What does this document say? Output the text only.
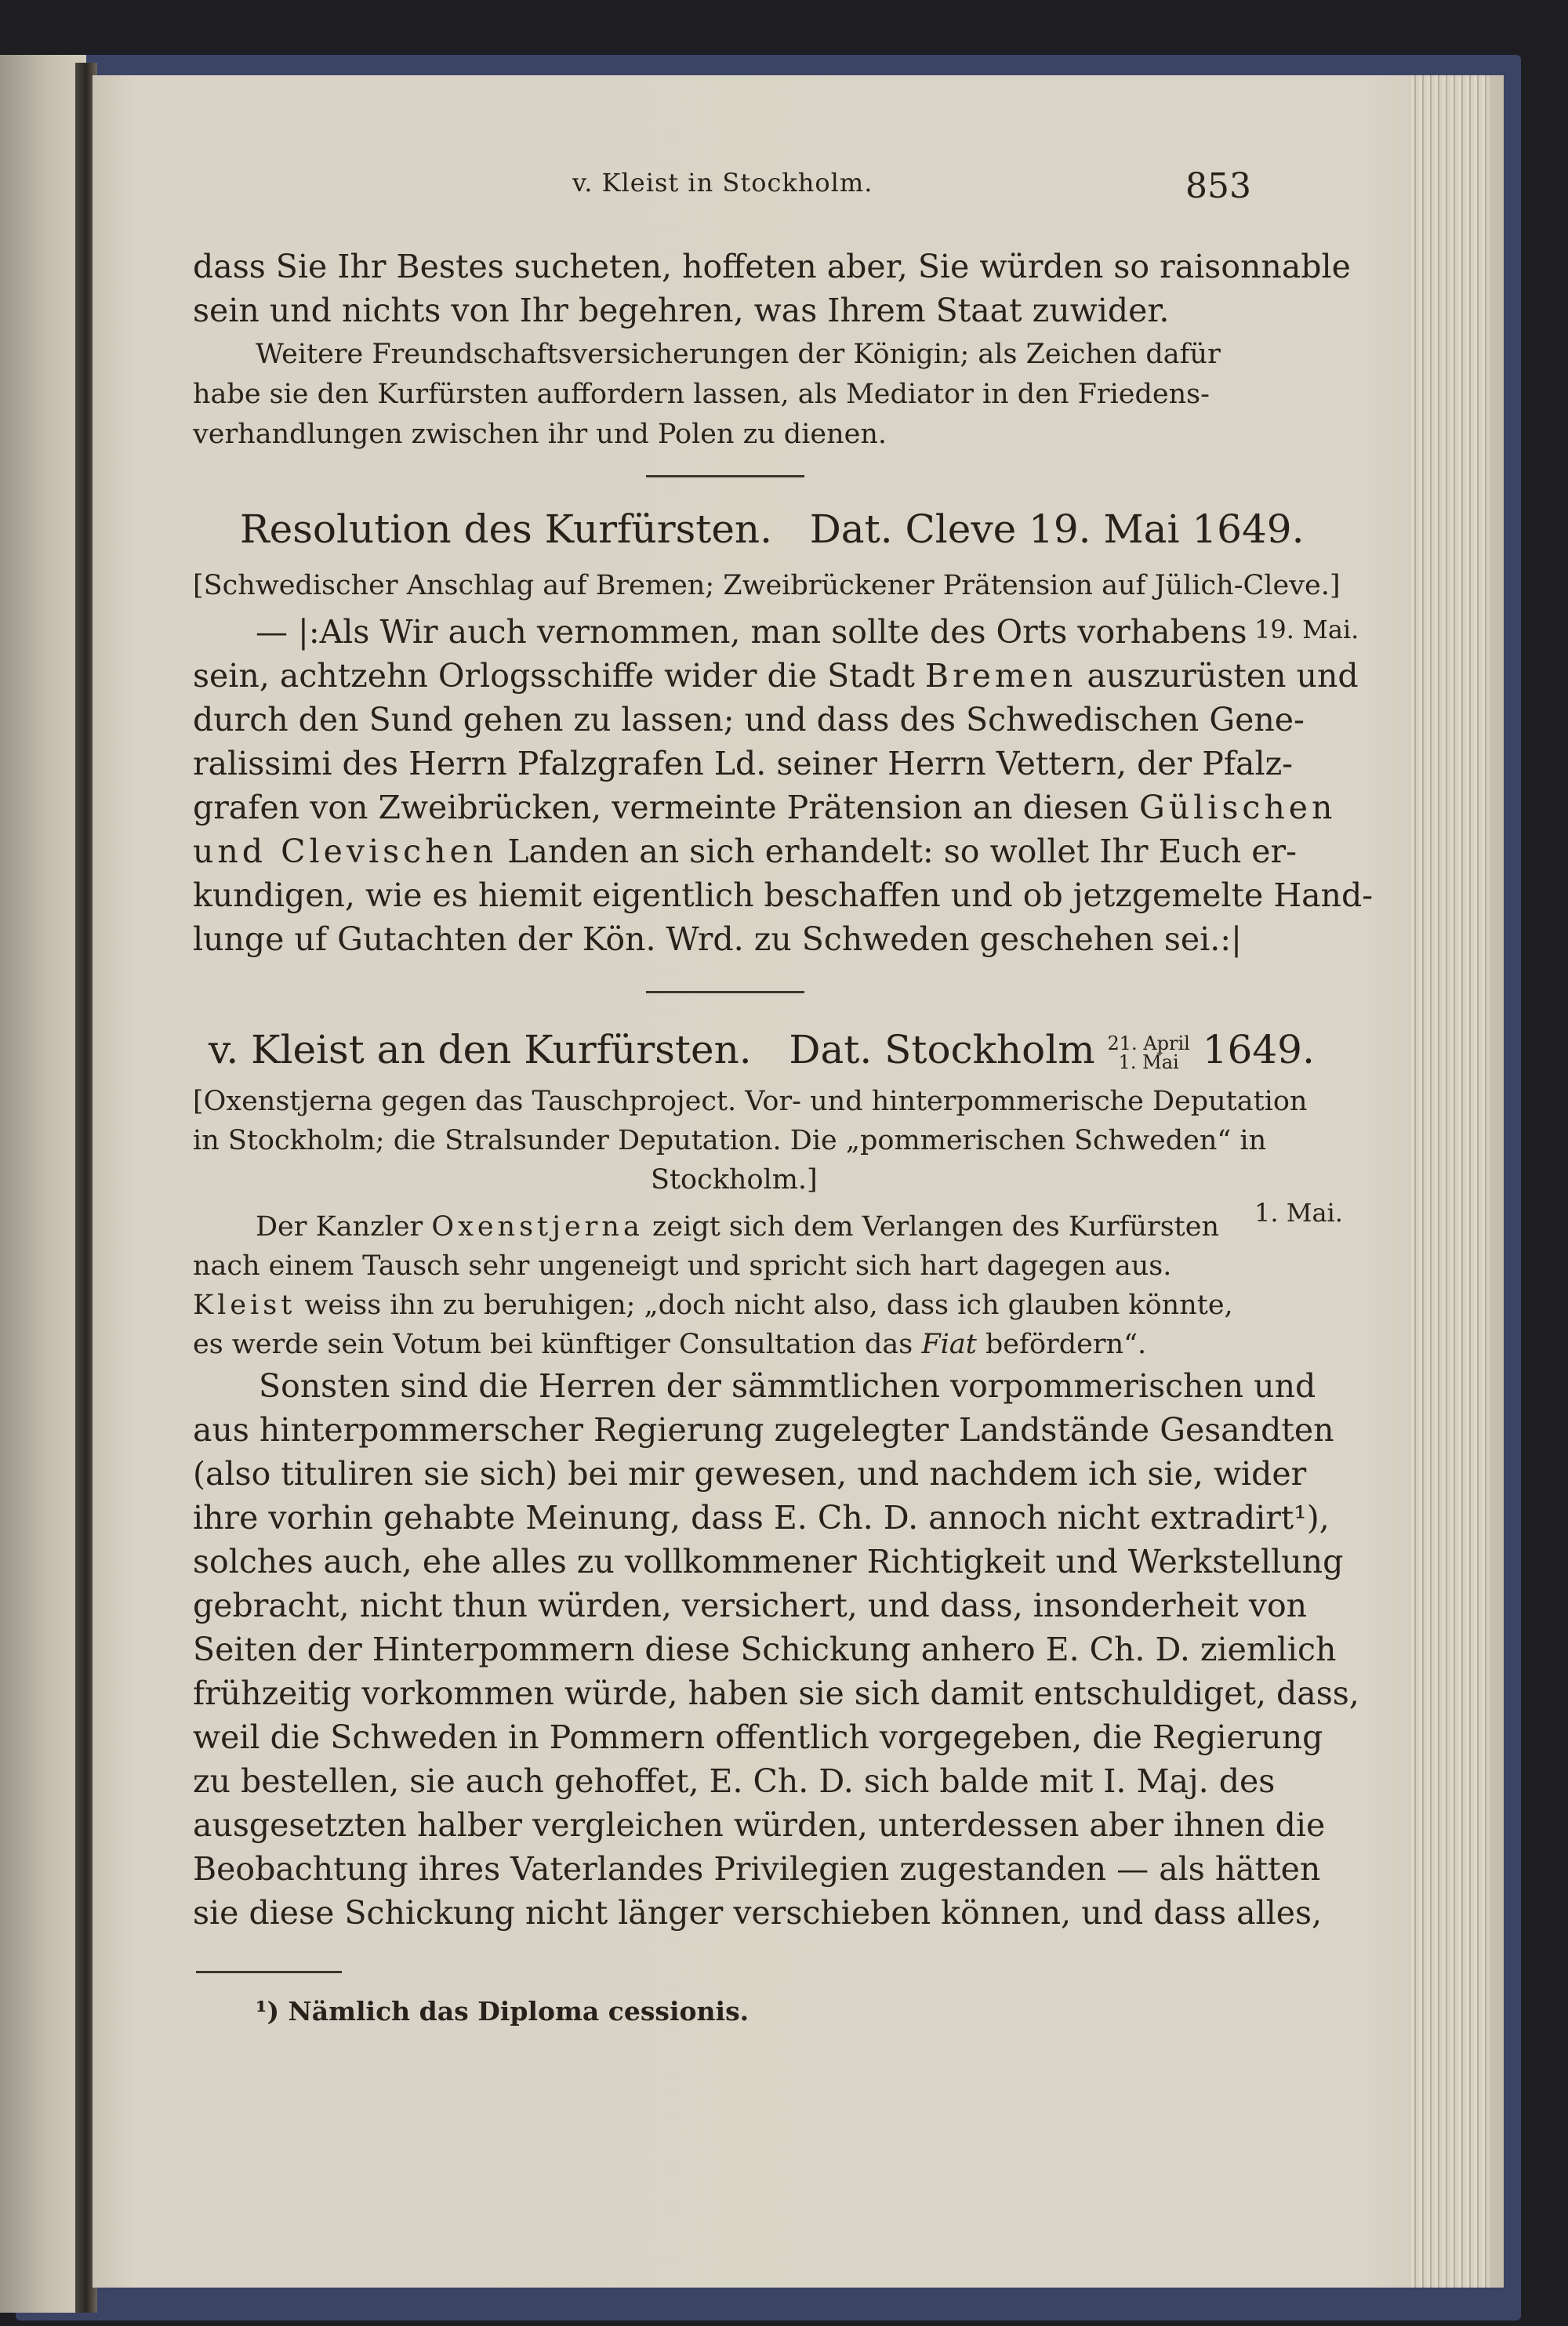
v. Kleist in Stockholm.	853
dass Sie Ihr Bestes sucheten, hoffeten aber, Sie würden so raisonnable
sein und nichts von Ihr begehren, was Ihrem Staat zuwider.
Weitere Freundschaftsversicherungen der Königin; als Zeichen dafür
habe sie den Kurfürsten auffordern lassen, als Mediator in den Friedens-
verhandlungen zwischen ihr und Polen zu dienen.
Resolution des Kurfürsten.   Dat. Cleve 19. Mai 1649.
[Schwedischer Anschlag auf Bremen; Zweibrückener Prätension auf Jülich-Cleve.]
19. Mai.
— |:Als Wir auch vernommen, man sollte des Orts vorhabens
sein, achtzehn Orlogsschiffe wider die Stadt Bremen auszurüsten und
durch den Sund gehen zu lassen; und dass des Schwedischen Gene-
ralissimi des Herrn Pfalzgrafen Ld. seiner Herrn Vettern, der Pfalz-
grafen von Zweibrücken, vermeinte Prätension an diesen Gülischen
und Clevischen Landen an sich erhandelt: so wollet Ihr Euch er-
kundigen, wie es hiemit eigentlich beschaffen und ob jetzgemelte Hand-
lunge uf Gutachten der Kön. Wrd. zu Schweden geschehen sei.:|
v. Kleist an den Kurfürsten. Dat. Stockholm 21. April
1. Mai 1649.
[Oxenstjerna gegen das Tauschproject. Vor- und hinterpommerische Deputation
in Stockholm; die Stralsunder Deputation. Die „pommerischen Schweden“ in
Stockholm.]
1. Mai.
Der Kanzler Oxenstjerna zeigt sich dem Verlangen des Kurfürsten
nach einem Tausch sehr ungeneigt und spricht sich hart dagegen aus.
Kleist weiss ihn zu beruhigen; „doch nicht also, dass ich glauben könnte,
es werde sein Votum bei künftiger Consultation das Fiat befördern“.
Sonsten sind die Herren der sämmtlichen vorpommerischen und
aus hinterpommerscher Regierung zugelegter Landstände Gesandten
(also tituliren sie sich) bei mir gewesen, und nachdem ich sie, wider
ihre vorhin gehabte Meinung, dass E. Ch. D. annoch nicht extradirt¹),
solches auch, ehe alles zu vollkommener Richtigkeit und Werkstellung
gebracht, nicht thun würden, versichert, und dass, insonderheit von
Seiten der Hinterpommern diese Schickung anhero E. Ch. D. ziemlich
frühzeitig vorkommen würde, haben sie sich damit entschuldiget, dass,
weil die Schweden in Pommern offentlich vorgegeben, die Regierung
zu bestellen, sie auch gehoffet, E. Ch. D. sich balde mit I. Maj. des
ausgesetzten halber vergleichen würden, unterdessen aber ihnen die
Beobachtung ihres Vaterlandes Privilegien zugestanden — als hätten
sie diese Schickung nicht länger verschieben können, und dass alles,
¹) Nämlich das Diploma cessionis.
